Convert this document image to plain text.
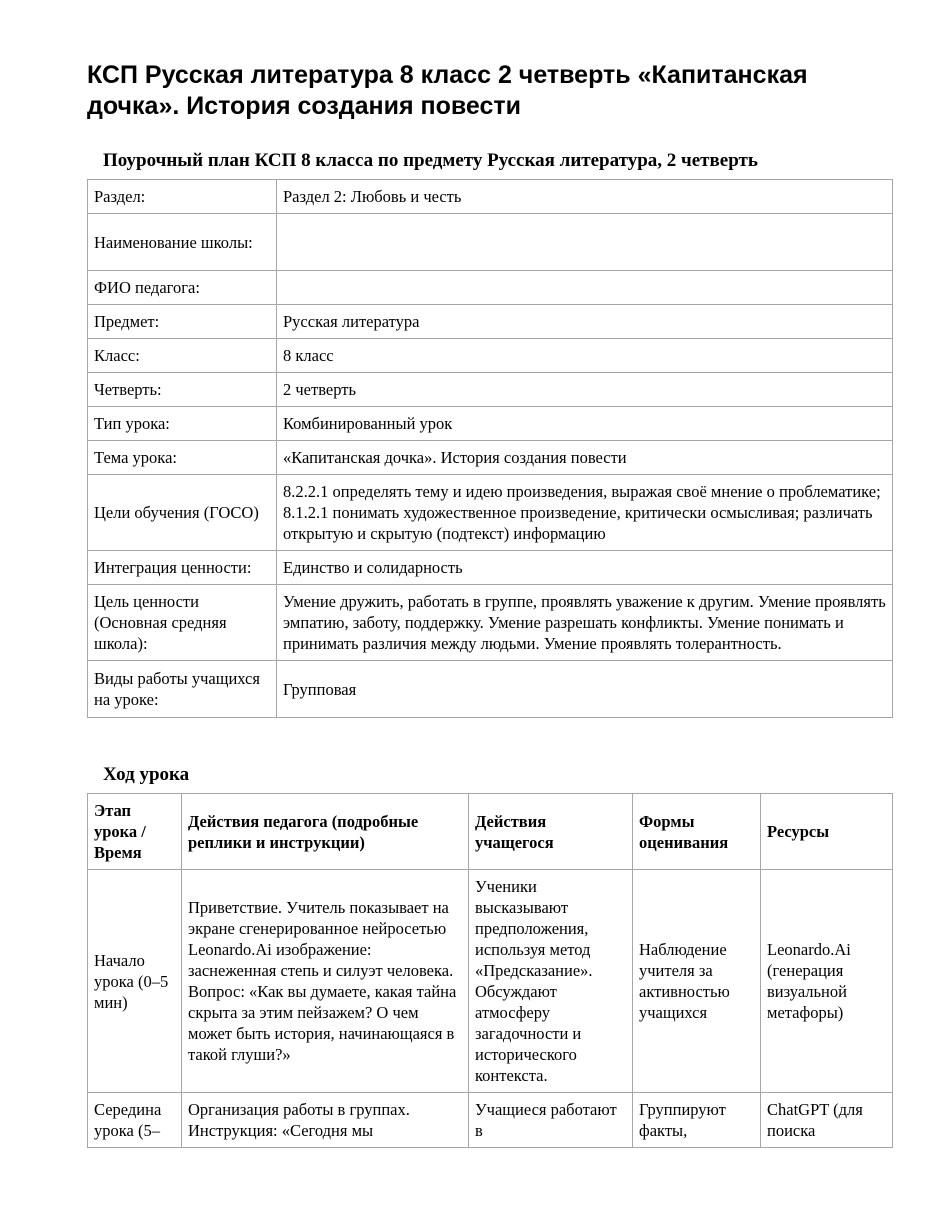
КСП Русская литература 8 класс 2 четверть «Капитанская дочка». История создания повести
Поурочный план КСП 8 класса по предмету Русская литература, 2 четверть
Раздел:	Раздел 2: Любовь и честь
Наименование школы:	
ФИО педагога:	
Предмет:	Русская литература
Класс:	8 класс
Четверть:	2 четверть
Тип урока:	Комбинированный урок
Тема урока:	«Капитанская дочка». История создания повести
Цели обучения (ГОСО)	8.2.2.1 определять тему и идею произведения, выражая своё мнение о проблематике; 8.1.2.1 понимать художественное произведение, критически осмысливая; различать открытую и скрытую (подтекст) информацию
Интеграция ценности:	Единство и солидарность
Цель ценности (Основная средняя школа):	Умение дружить, работать в группе, проявлять уважение к другим. Умение проявлять эмпатию, заботу, поддержку. Умение разрешать конфликты. Умение понимать и принимать различия между людьми. Умение проявлять толерантность.
Виды работы учащихся на уроке:	Групповая
Ход урока
Этап урока / Время	Действия педагога (подробные реплики и инструкции)	Действия учащегося	Формы оценивания	Ресурсы
Начало урока (0–5 мин)	Приветствие. Учитель показывает на экране сгенерированное нейросетью Leonardo.Ai изображение: заснеженная степь и силуэт человека. Вопрос: «Как вы думаете, какая тайна скрыта за этим пейзажем? О чем может быть история, начинающаяся в такой глуши?»	Ученики высказывают предположения, используя метод «Предсказание». Обсуждают атмосферу загадочности и исторического контекста.	Наблюдение учителя за активностью учащихся	Leonardo.Ai (генерация визуальной метафоры)
Середина урока (5–	Организация работы в группах. Инструкция: «Сегодня мы	Учащиеся работают в	Группируют факты,	ChatGPT (для поиска
